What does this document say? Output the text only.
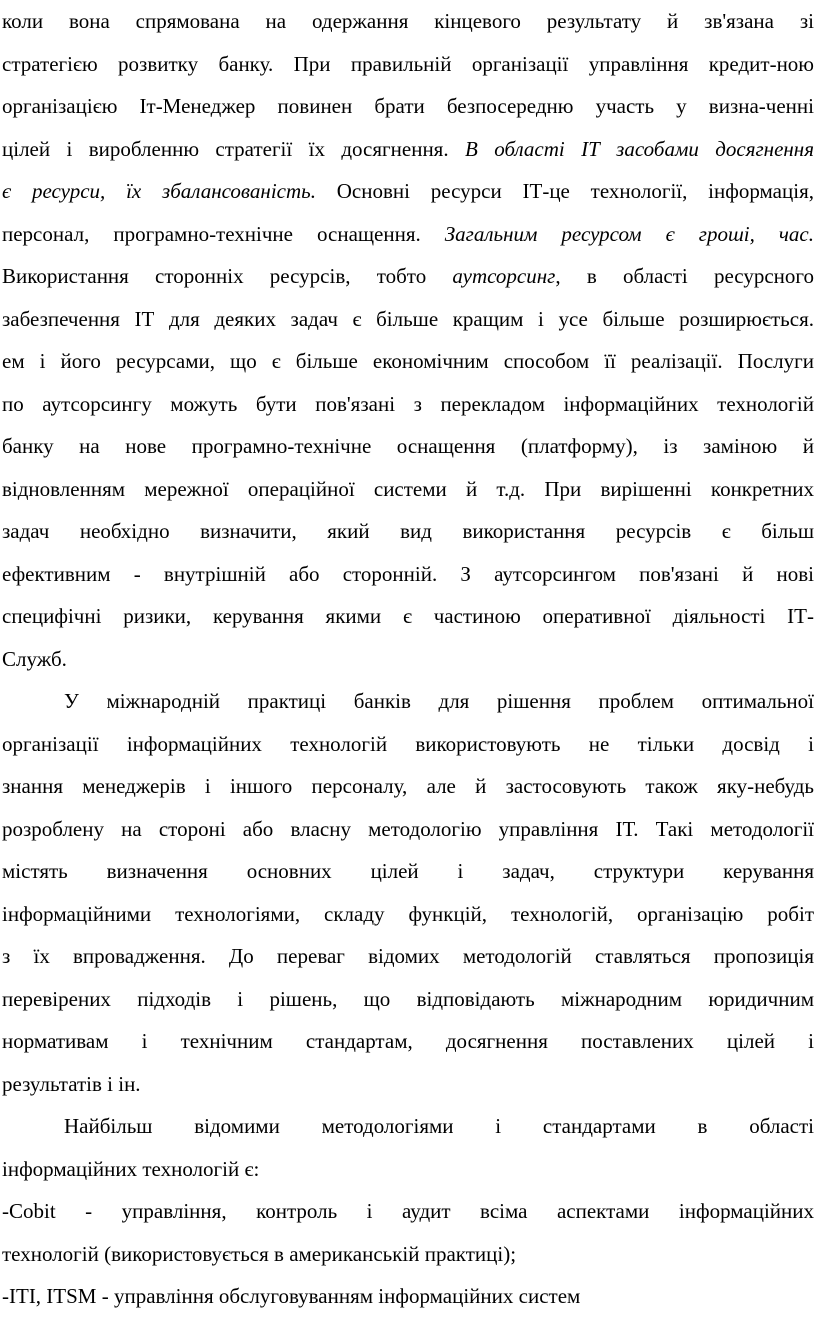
коли вона спрямована на одержання кінцевого результату й зв'язана зі
стратегією розвитку банку. При правильній організації управління кредит-ною
організацією Іт-Менеджер повинен брати безпосередню участь у визна-ченні
цілей і виробленню стратегії їх досягнення. В області ІТ засобами досягнення
є ресурси, їх збалансованість. Основні ресурси ІТ-це технології, інформація,
персонал, програмно-технічне оснащення. Загальним ресурсом є гроші, час.
Використання сторонніх ресурсів, тобто аутсорсинг, в області ресурсного
забезпечення ІТ для деяких задач є більше кращим і усе більше розширюється.
ем і його ресурсами, що є більше економічним способом її реалізації. Послуги
по аутсорсингу можуть бути пов'язані з перекладом інформаційних технологій
банку на нове програмно-технічне оснащення (платформу), із заміною й
відновленням мережної операційної системи й т.д. При вирішенні конкретних
задач необхідно визначити, який вид використання ресурсів є більш
ефективним - внутрішній або сторонній. З аутсорсингом пов'язані й нові
специфічні ризики, керування якими є частиною оперативної діяльності ІТ-
Служб.
У міжнародній практиці банків для рішення проблем оптимальної
організації інформаційних технологій використовують не тільки досвід і
знання менеджерів і іншого персоналу, але й застосовують також яку-небудь
розроблену на стороні або власну методологію управління ІТ. Такі методології
містять визначення основних цілей і задач, структури керування
інформаційними технологіями, складу функцій, технологій, організацію робіт
з їх впровадження. До переваг відомих методологій ставляться пропозиція
перевірених підходів і рішень, що відповідають міжнародним юридичним
нормативам і технічним стандартам, досягнення поставлених цілей і
результатів і ін.
Найбільш відомими методологіями і стандартами в області
інформаційних технологій є:
-Cobit - управління, контроль і аудит всіма аспектами інформаційних
технологій (використовується в американській практиці);
-ITI, ITSM - управління обслуговуванням інформаційних систем
